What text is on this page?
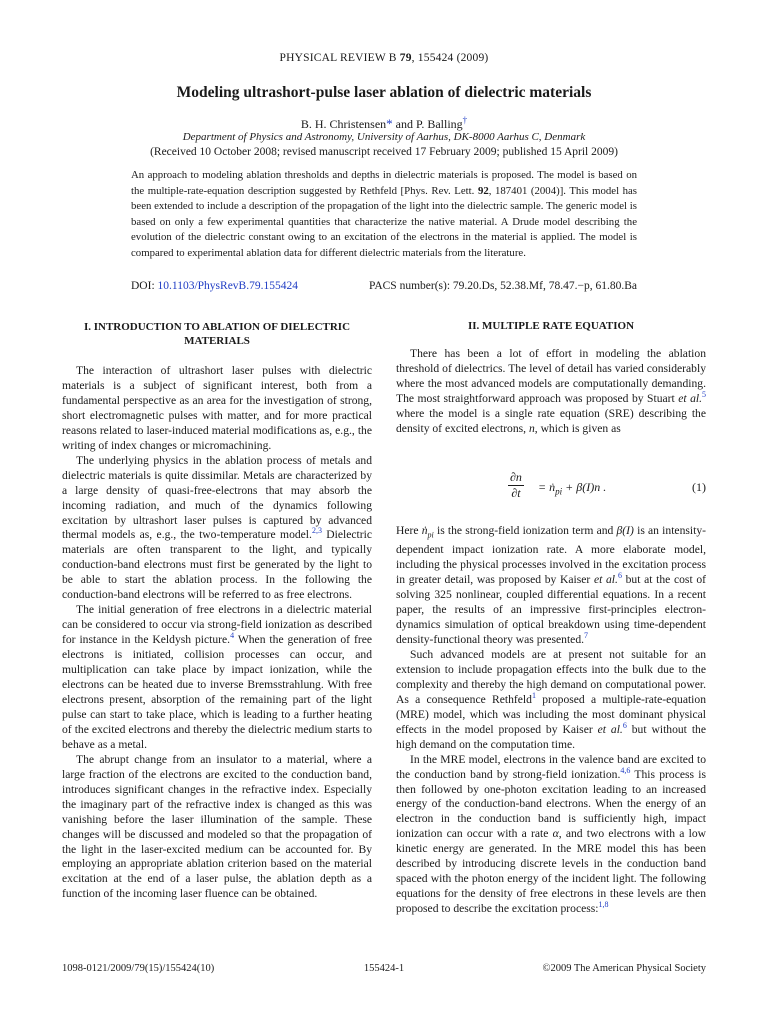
PHYSICAL REVIEW B 79, 155424 (2009)
Modeling ultrashort-pulse laser ablation of dielectric materials
B. H. Christensen* and P. Balling†
Department of Physics and Astronomy, University of Aarhus, DK-8000 Aarhus C, Denmark
(Received 10 October 2008; revised manuscript received 17 February 2009; published 15 April 2009)
An approach to modeling ablation thresholds and depths in dielectric materials is proposed. The model is based on the multiple-rate-equation description suggested by Rethfeld [Phys. Rev. Lett. 92, 187401 (2004)]. This model has been extended to include a description of the propagation of the light into the dielectric sample. The generic model is based on only a few experimental quantities that characterize the native material. A Drude model describing the evolution of the dielectric constant owing to an excitation of the electrons in the material is applied. The model is compared to experimental ablation data for different dielectric materials from the literature.
DOI: 10.1103/PhysRevB.79.155424	PACS number(s): 79.20.Ds, 52.38.Mf, 78.47.−p, 61.80.Ba
I. INTRODUCTION TO ABLATION OF DIELECTRIC MATERIALS

The interaction of ultrashort laser pulses with dielectric materials is a subject of significant interest, both from a fundamental perspective as an area for the investigation of strong, short electromagnetic pulses with matter, and for more practical reasons related to laser-induced material modifications as, e.g., the writing of index changes or micromachining.

The underlying physics in the ablation process of metals and dielectric materials is quite dissimilar. Metals are characterized by a large density of quasi-free-electrons that may absorb the incoming radiation, and much of the dynamics following excitation by ultrashort laser pulses is captured by advanced thermal models as, e.g., the two-temperature model.$^{2,3}$ Dielectric materials are often transparent to the light, and typically conduction-band electrons must first be generated by the light to be able to start the ablation process. In the following the conduction-band electrons will be referred to as free electrons.

The initial generation of free electrons in a dielectric material can be considered to occur via strong-field ionization as described for instance in the Keldysh picture.$^4$ When the generation of free electrons is initiated, collision processes can occur, and multiplication can take place by impact ionization, while the electrons can be heated due to inverse Bremsstrahlung. With free electrons present, absorption of the remaining part of the light pulse can start to take place, which is leading to a further heating of the excited electrons and thereby the dielectric medium starts to behave as a metal.

The abrupt change from an insulator to a material, where a large fraction of the electrons are excited to the conduction band, introduces significant changes in the refractive index. Especially the imaginary part of the refractive index is changed as this was vanishing before the laser illumination of the sample. These changes will be discussed and modeled so that the propagation of the light in the laser-excited medium can be accounted for. By employing an appropriate ablation criterion based on the material excitation at the end of a laser pulse, the ablation depth as a function of the incoming laser fluence can be obtained.

II. MULTIPLE RATE EQUATION

There has been a lot of effort in modeling the ablation threshold of dielectrics. The level of detail has varied considerably where the most advanced models are computationally demanding. The most straightforward approach was proposed by Stuart et al.$^5$ where the model is a single rate equation (SRE) describing the density of excited electrons, n, which is given as

$\frac{\partial n}{\partial t}$ = ṅ$_{pi}$ + β(I)n .	(1)

Here ṅ$_{pi}$ is the strong-field ionization term and β(I) is an intensity-dependent impact ionization rate. A more elaborate model, including the physical processes involved in the excitation process in greater detail, was proposed by Kaiser et al.$^6$ but at the cost of solving 325 nonlinear, coupled differential equations. In a recent paper, the results of an impressive first-principles electron-dynamics simulation of optical breakdown using time-dependent density-functional theory was presented.$^7$

Such advanced models are at present not suitable for an extension to include propagation effects into the bulk due to the complexity and thereby the high demand on computational power. As a consequence Rethfeld$^1$ proposed a multiple-rate-equation (MRE) model, which was including the most dominant physical effects in the model proposed by Kaiser et al.$^6$ but without the high demand on the computation time.

In the MRE model, electrons in the valence band are excited to the conduction band by strong-field ionization.$^{4,6}$ This process is then followed by one-photon excitation leading to an increased energy of the conduction-band electrons. When the energy of an electron in the conduction band is sufficiently high, impact ionization can occur with a rate α, and two electrons with a low kinetic energy are generated. In the MRE model this has been described by introducing discrete levels in the conduction band spaced with the photon energy of the incident light. The following equations for the density of free electrons in these levels are then proposed to describe the excitation process:$^{1,8}$

1098-0121/2009/79(15)/155424(10)	155424-1	©2009 The American Physical Society
